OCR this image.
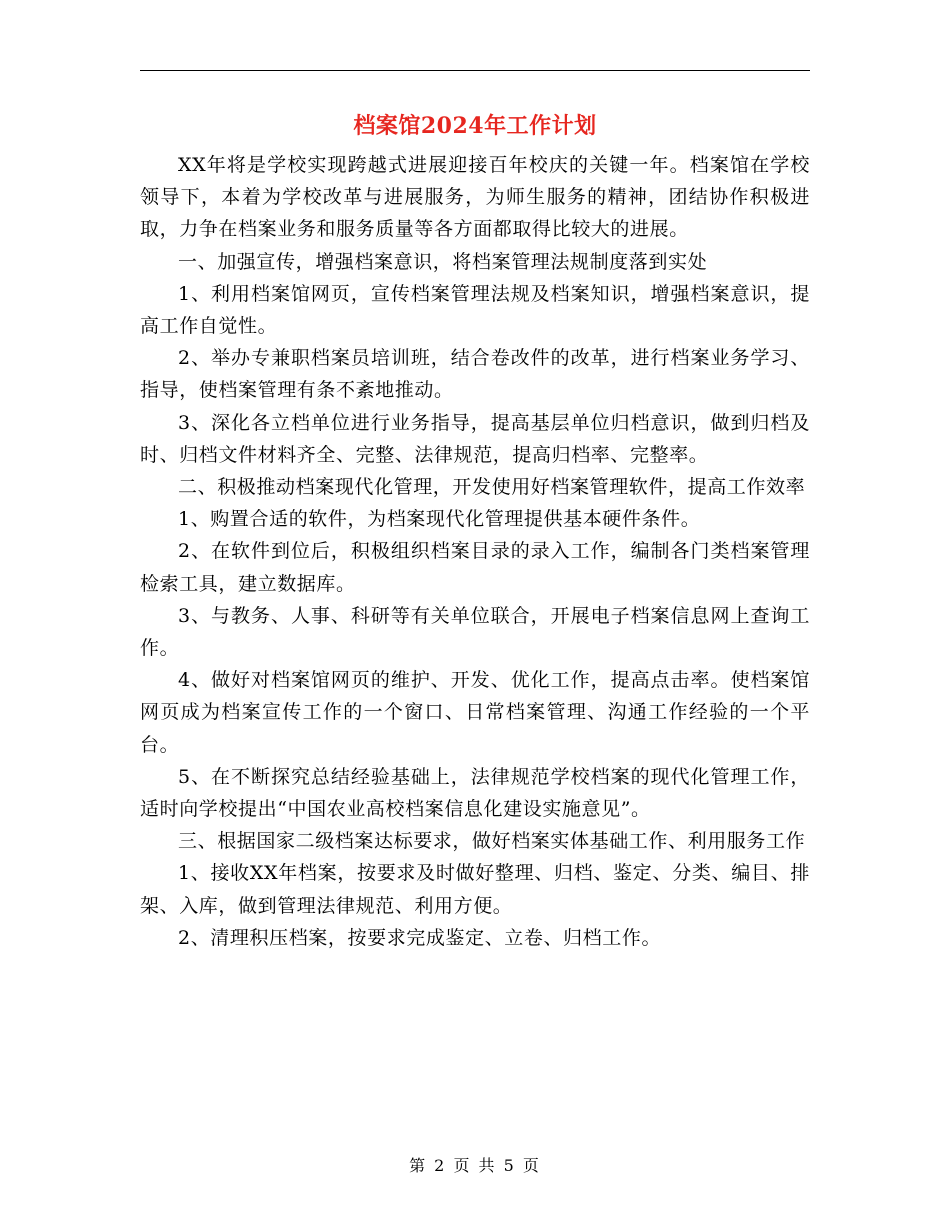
档案馆2024年工作计划

XX年将是学校实现跨越式进展迎接百年校庆的关键一年。档案馆在学校领导下，本着为学校改革与进展服务，为师生服务的精神，团结协作积极进取，力争在档案业务和服务质量等各方面都取得比较大的进展。

一、加强宣传，增强档案意识，将档案管理法规制度落到实处

1、利用档案馆网页，宣传档案管理法规及档案知识，增强档案意识，提高工作自觉性。

2、举办专兼职档案员培训班，结合卷改件的改革，进行档案业务学习、指导，使档案管理有条不紊地推动。

3、深化各立档单位进行业务指导，提高基层单位归档意识，做到归档及时、归档文件材料齐全、完整、法律规范，提高归档率、完整率。

二、积极推动档案现代化管理，开发使用好档案管理软件，提高工作效率

1、购置合适的软件，为档案现代化管理提供基本硬件条件。

2、在软件到位后，积极组织档案目录的录入工作，编制各门类档案管理检索工具，建立数据库。

3、与教务、人事、科研等有关单位联合，开展电子档案信息网上查询工作。

4、做好对档案馆网页的维护、开发、优化工作，提高点击率。使档案馆网页成为档案宣传工作的一个窗口、日常档案管理、沟通工作经验的一个平台。

5、在不断探究总结经验基础上，法律规范学校档案的现代化管理工作，适时向学校提出“中国农业高校档案信息化建设实施意见”。

三、根据国家二级档案达标要求，做好档案实体基础工作、利用服务工作

1、接收XX年档案，按要求及时做好整理、归档、鉴定、分类、编目、排架、入库，做到管理法律规范、利用方便。

2、清理积压档案，按要求完成鉴定、立卷、归档工作。

第 2 页 共 5 页
